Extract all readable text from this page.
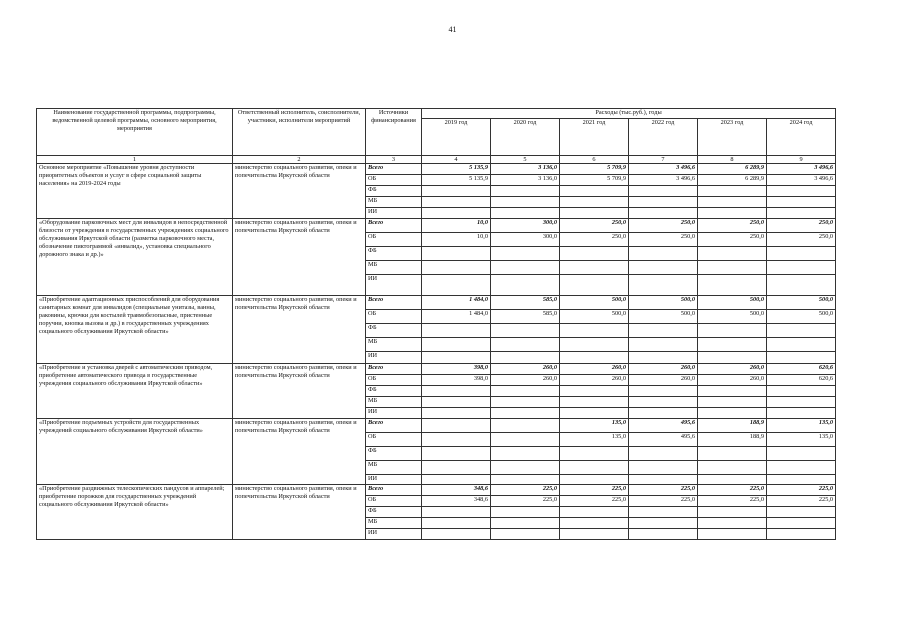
41
Наименование государственной программы, подпрограммы, ведомственной целевой программы, основного мероприятия, мероприятия	Ответственный исполнитель, соисполнители, участники, исполнители мероприятий	Источники финансирования	Расходы (тыс.руб.), годы					
			2019 год	2020 год	2021 год	2022 год	2023 год	2024 год
1	2	3	4	5	6	7	8	9
Основное мероприятие «Повышение уровня доступности приоритетных объектов и услуг в сфере социальной защиты населения» на 2019-2024 годы	министерство социального развития, опеки и попечительства Иркутской области	Всего	5 135,9	3 136,0	5 709,9	3 496,6	6 289,9	3 496,6
		ОБ	5 135,9	3 136,0	5 709,9	3 496,6	6 289,9	3 496,6
		ФБ						
		МБ						
		ИИ						
«Оборудование парковочных мест для инвалидов в непосредственной близости от учреждения в государственных учреждениях социального обслуживания Иркутской области (разметка парковочного места, обозначение пиктограммой «инвалид», установка специального дорожного знака и др.)»	министерство социального развития, опеки и попечительства Иркутской области	Всего	10,0	300,0	250,0	250,0	250,0	250,0
		ОБ	10,0	300,0	250,0	250,0	250,0	250,0
		ФБ						
		МБ						
		ИИ						
«Приобретение адаптационных приспособлений для оборудования санитарных комнат для инвалидов (специальные унитазы, ванны, раковины, крючки для костылей травмобезопасные, пристенные поручни, кнопка вызова и др.) в государственных учреждениях социального обслуживания Иркутской области»	министерство социального развития, опеки и попечительства Иркутской области	Всего	1 484,0	585,0	500,0	500,0	500,0	500,0
		ОБ	1 484,0	585,0	500,0	500,0	500,0	500,0
		ФБ						
		МБ						
		ИИ						
«Приобретение и установка дверей с автоматическим приводом, приобретение автоматического привода в государственные учреждения социального обслуживания Иркутской области»	министерство социального развития, опеки и попечительства Иркутской области	Всего	398,0	260,0	260,0	260,0	260,0	620,6
		ОБ	398,0	260,0	260,0	260,0	260,0	620,6
		ФБ						
		МБ						
		ИИ						
«Приобретение подъемных устройств для государственных учреждений социального обслуживания Иркутской области»	министерство социального развития, опеки и попечительства Иркутской области	Всего			135,0	495,6	188,9	135,0
		ОБ			135,0	495,6	188,9	135,0
		ФБ						
		МБ						
		ИИ						
«Приобретение раздвижных телескопических пандусов и аппарелей; приобретение порожков для государственных учреждений социального обслуживания Иркутской области»	министерство социального развития, опеки и попечительства Иркутской области	Всего	348,6	225,0	225,0	225,0	225,0	225,0
		ОБ	348,6	225,0	225,0	225,0	225,0	225,0
		ФБ						
		МБ						
		ИИ						
